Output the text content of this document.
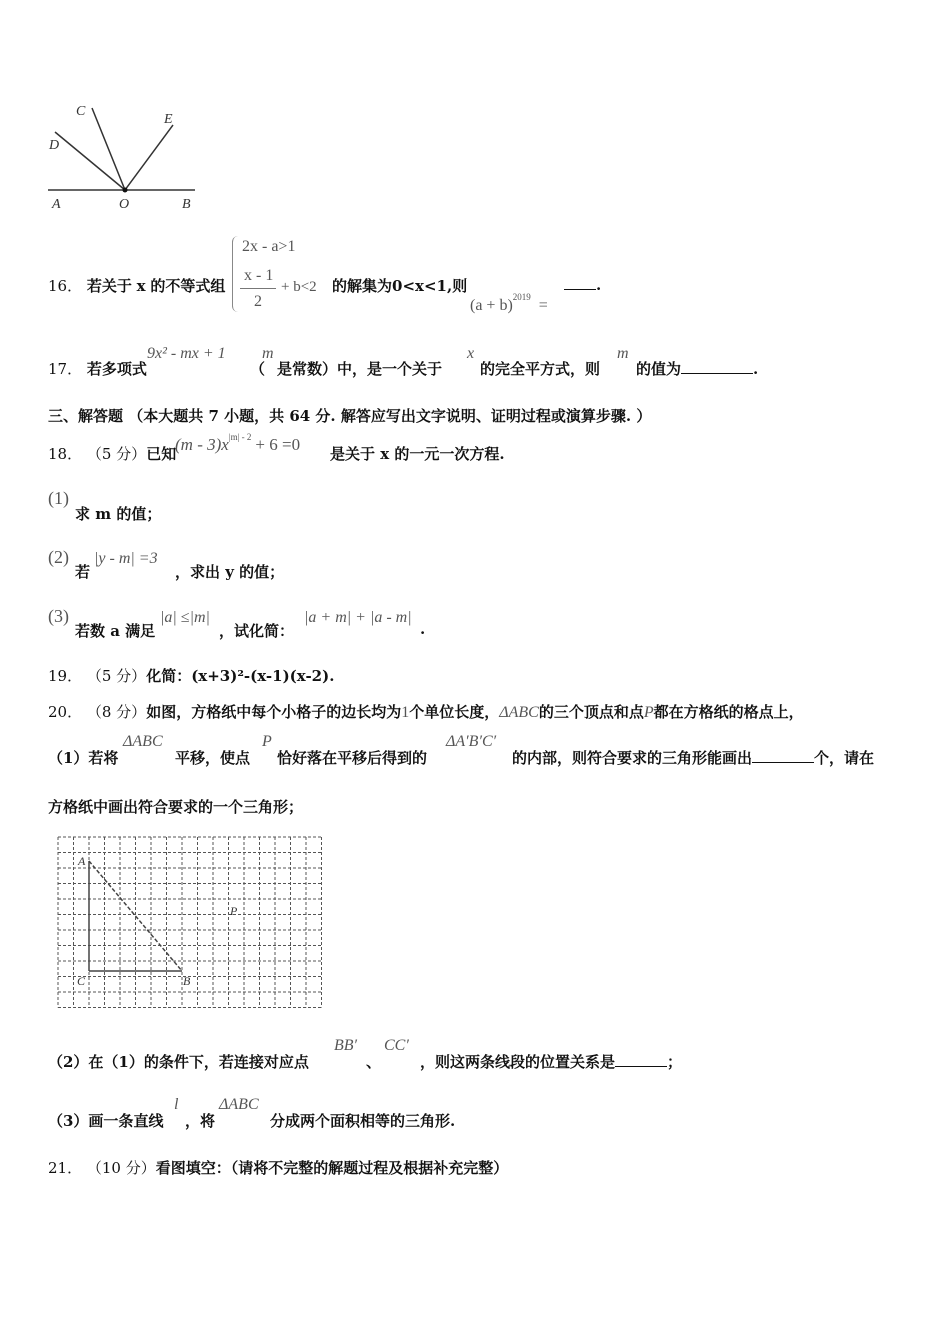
C
E
D
A	O	B
16． 若关于 x 的不等式组
2x - a>1
x - 1
2
+ b<2 的解集为0<x<1,则
$(a + b)^{2019}$ =
.
17． 若多项式
9x² - mx + 1
（
m
是常数）中，是一个关于
x
的完全平方式，则
m
的值为	.
三、解答题 （本大题共 7 小题，共 64 分. 解答应写出文字说明、证明过程或演算步骤. ）
18． （5 分）已知
$(m - 3)x^{|m| - 2} + 6 =0$ 是关于 x 的一元一次方程.
(1)
求 m 的值；
(2)
若
|y - m| =3
，求出 y 的值；
(3)
若数 a 满足
|a| ≤|m|
，试化简：
|a + m| + |a - m|
.
19． （5 分）化简：(x+3)²-(x-1)(x-2).
20． （8 分）如图，方格纸中每个小格子的边长均为1个单位长度，ΔABC的三个顶点和点P都在方格纸的格点上，
（1）若将
ΔABC
平移，使点
P
恰好落在平移后得到的
ΔA′B′C′
的内部，则符合要求的三角形能画出	个，请在
方格纸中画出符合要求的一个三角形；
A
P
C	B
（2）在（1）的条件下，若连接对应点
BB′
、
CC′
，则这两条线段的位置关系是	；
（3）画一条直线
l
，将
ΔABC
分成两个面积相等的三角形.
21． （10 分）看图填空：（请将不完整的解题过程及根据补充完整）
